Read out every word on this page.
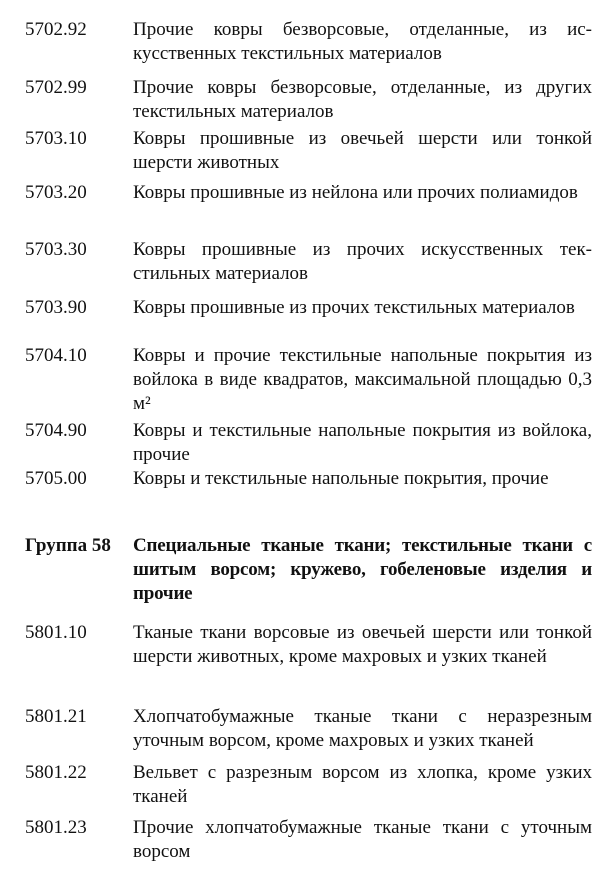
5702.92 Прочие ковры безворсовые, отделанные, из искусственных текстильных материалов
5702.99 Прочие ковры безворсовые, отделанные, из других текстильных материалов
5703.10 Ковры прошивные из овечьей шерсти или тонкой шерсти животных
5703.20 Ковры прошивные из нейлона или прочих полиамидов
5703.30 Ковры прошивные из прочих искусственных текстильных материалов
5703.90 Ковры прошивные из прочих текстильных материалов
5704.10 Ковры и прочие текстильные напольные покрытия из войлока в виде квадратов, максимальной площадью 0,3 м²
5704.90 Ковры и текстильные напольные покрытия из войлока, прочие
5705.00 Ковры и текстильные напольные покрытия, прочие
Группа 58 Специальные тканые ткани; текстильные ткани с шитым ворсом; кружево, гобеленовые изделия и прочие
5801.10 Тканые ткани ворсовые из овечьей шерсти или тонкой шерсти животных, кроме махровых и узких тканей
5801.21 Хлопчатобумажные тканые ткани с неразрезным уточным ворсом, кроме махровых и узких тканей
5801.22 Вельвет с разрезным ворсом из хлопка, кроме узких тканей
5801.23 Прочие хлопчатобумажные тканые ткани с уточным ворсом
